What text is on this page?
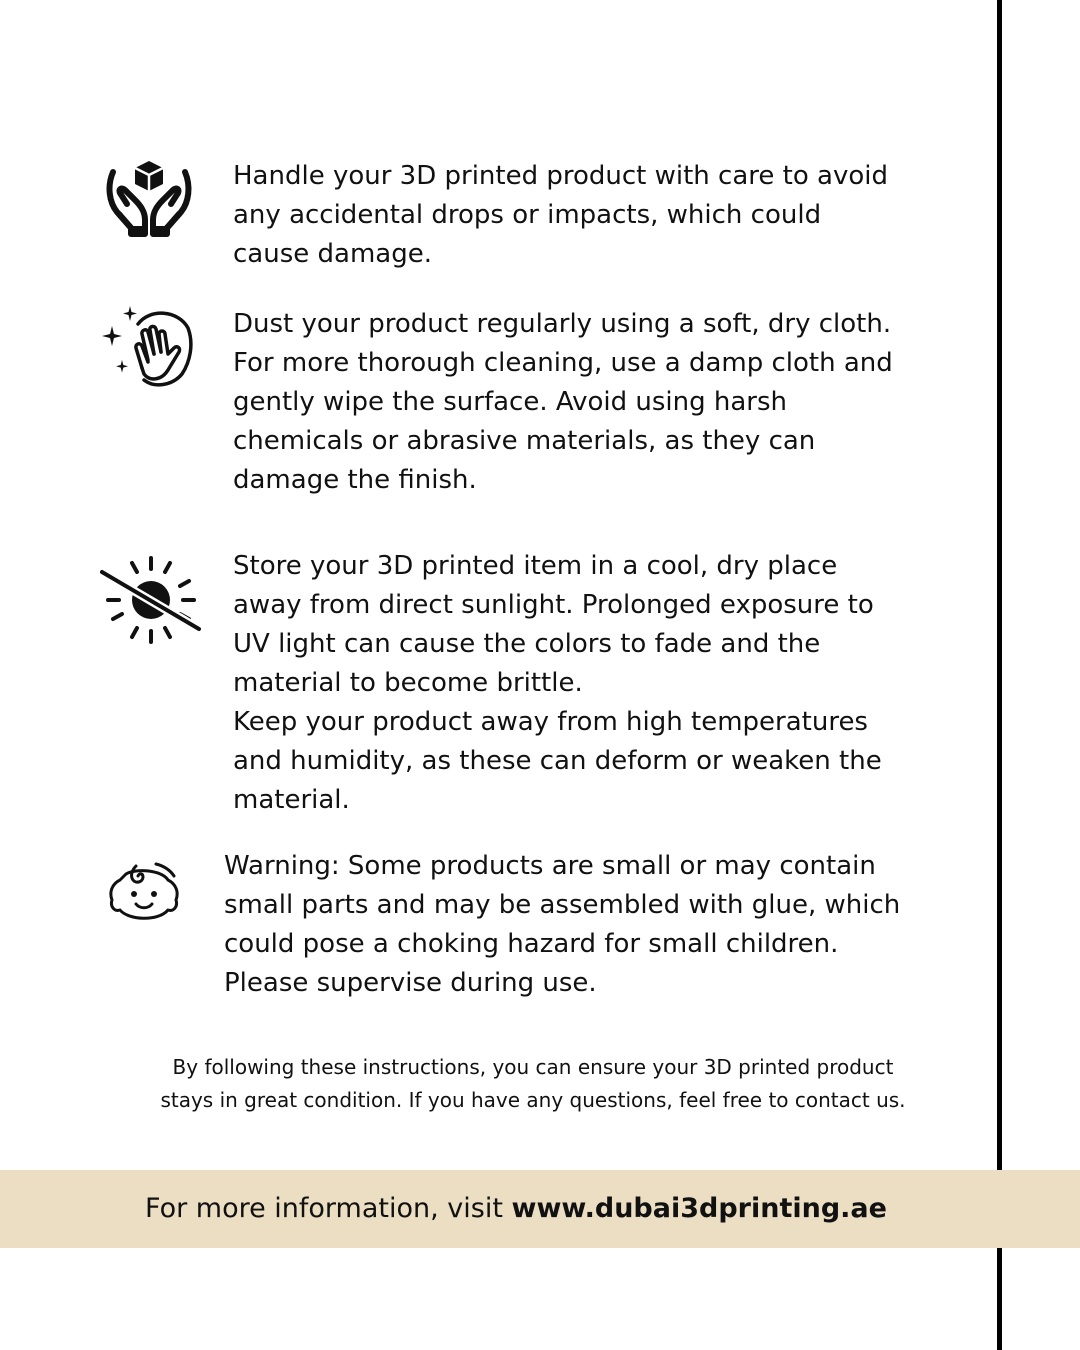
Handle your 3D printed product with care to avoid
any accidental drops or impacts, which could
cause damage.

Dust your product regularly using a soft, dry cloth.
For more thorough cleaning, use a damp cloth and
gently wipe the surface. Avoid using harsh
chemicals or abrasive materials, as they can
damage the finish.

Store your 3D printed item in a cool, dry place
away from direct sunlight. Prolonged exposure to
UV light can cause the colors to fade and the
material to become brittle.
Keep your product away from high temperatures
and humidity, as these can deform or weaken the
material.

Warning: Some products are small or may contain
small parts and may be assembled with glue, which
could pose a choking hazard for small children.
Please supervise during use.

By following these instructions, you can ensure your 3D printed product
stays in great condition. If you have any questions, feel free to contact us.
For more information, visit www.dubai3dprinting.ae
